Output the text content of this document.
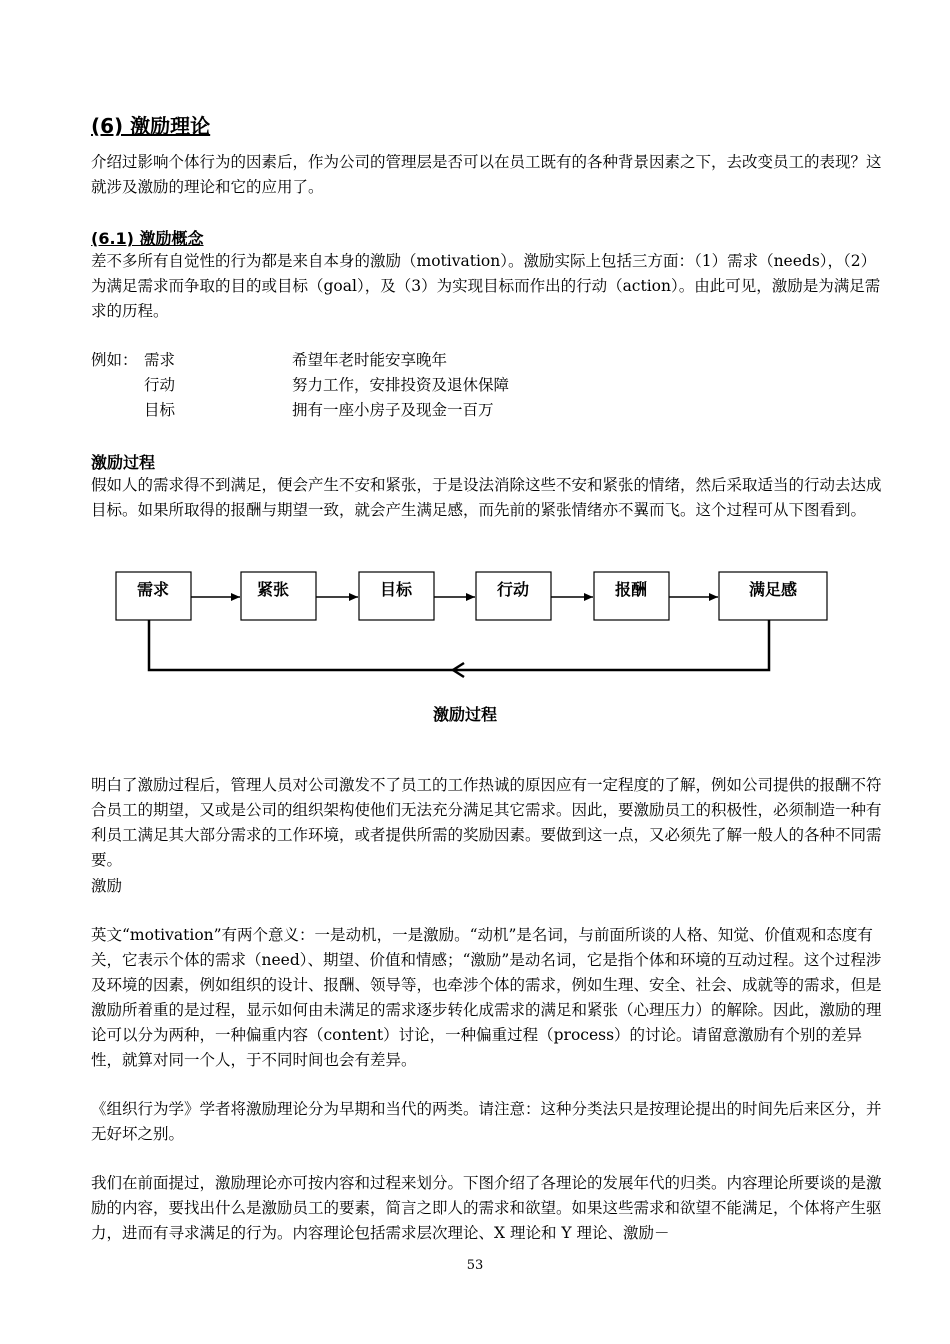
(6) 激励理论

介绍过影响个体行为的因素后，作为公司的管理层是否可以在员工既有的各种背景因素之下，去改变员工的表现？这就涉及激励的理论和它的应用了。

(6.1) 激励概念

差不多所有自觉性的行为都是来自本身的激励（motivation）。激励实际上包括三方面：（1）需求（needs），（2）为满足需求而争取的目的或目标（goal），及（3）为实现目标而作出的行动（action）。由此可见，激励是为满足需求的历程。

例如： 需求	希望年老时能安享晚年
行动	努力工作，安排投资及退休保障
目标	拥有一座小房子及现金一百万
激励过程

假如人的需求得不到满足，便会产生不安和紧张，于是设法消除这些不安和紧张的情绪，然后采取适当的行动去达成目标。如果所取得的报酬与期望一致，就会产生满足感，而先前的紧张情绪亦不翼而飞。这个过程可从下图看到。

需求	紧张	目标	行动	报酬	满足感
激励过程

明白了激励过程后，管理人员对公司激发不了员工的工作热诚的原因应有一定程度的了解，例如公司提供的报酬不符合员工的期望，又或是公司的组织架构使他们无法充分满足其它需求。因此，要激励员工的积极性，必须制造一种有利员工满足其大部分需求的工作环境，或者提供所需的奖励因素。要做到这一点，又必须先了解一般人的各种不同需要。

激励

英文“motivation”有两个意义：一是动机，一是激励。“动机”是名词，与前面所谈的人格、知觉、价值观和态度有关，它表示个体的需求（need）、期望、价值和情感；“激励”是动名词，它是指个体和环境的互动过程。这个过程涉及环境的因素，例如组织的设计、报酬、领导等，也牵涉个体的需求，例如生理、安全、社会、成就等的需求，但是激励所着重的是过程，显示如何由未满足的需求逐步转化成需求的满足和紧张（心理压力）的解除。因此，激励的理论可以分为两种，一种偏重内容（content）讨论，一种偏重过程（process）的讨论。请留意激励有个别的差异性，就算对同一个人，于不同时间也会有差异。

《组织行为学》学者将激励理论分为早期和当代的两类。请注意：这种分类法只是按理论提出的时间先后来区分，并无好坏之别。

我们在前面提过，激励理论亦可按内容和过程来划分。下图介绍了各理论的发展年代的归类。内容理论所要谈的是激励的内容，要找出什么是激励员工的要素，简言之即人的需求和欲望。如果这些需求和欲望不能满足，个体将产生驱力，进而有寻求满足的行为。内容理论包括需求层次理论、X 理论和 Y 理论、激励－

53
